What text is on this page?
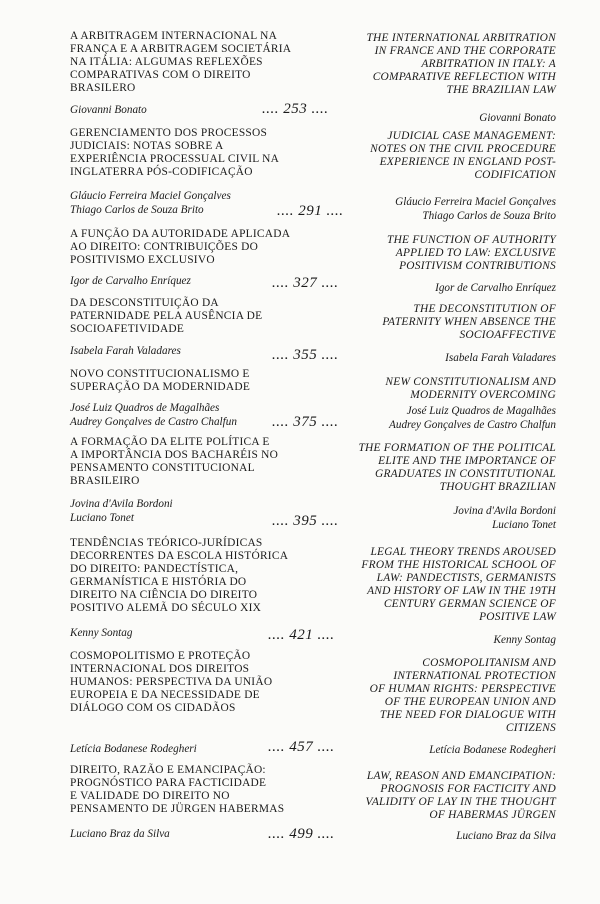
A ARBITRAGEM INTERNACIONAL NA
FRANÇA E A ARBITRAGEM SOCIETÁRIA
NA ITÁLIA: ALGUMAS REFLEXÕES
COMPARATIVAS COM O DIREITO
BRASILERO
Giovanni Bonato	.... 253 ....
THE INTERNATIONAL ARBITRATION
IN FRANCE AND THE CORPORATE
ARBITRATION IN ITALY: A
COMPARATIVE REFLECTION WITH
THE BRAZILIAN LAW
Giovanni Bonato
GERENCIAMENTO DOS PROCESSOS
JUDICIAIS: NOTAS SOBRE A
EXPERIÊNCIA PROCESSUAL CIVIL NA
INGLATERRA PÓS-CODIFICAÇÃO
Gláucio Ferreira Maciel Gonçalves
Thiago Carlos de Souza Brito	.... 291 ....
JUDICIAL CASE MANAGEMENT:
NOTES ON THE CIVIL PROCEDURE
EXPERIENCE IN ENGLAND POST-
CODIFICATION
Gláucio Ferreira Maciel Gonçalves
Thiago Carlos de Souza Brito
A FUNÇÃO DA AUTORIDADE APLICADA
AO DIREITO: CONTRIBUIÇÕES DO
POSITIVISMO EXCLUSIVO
Igor de Carvalho Enríquez	.... 327 ....
THE FUNCTION OF AUTHORITY
APPLIED TO LAW: EXCLUSIVE
POSITIVISM CONTRIBUTIONS
Igor de Carvalho Enríquez
DA DESCONSTITUIÇÃO DA
PATERNIDADE PELA AUSÊNCIA DE
SOCIOAFETIVIDADE
Isabela Farah Valadares	.... 355 ....
THE DECONSTITUTION OF
PATERNITY WHEN ABSENCE THE
SOCIOAFFECTIVE
Isabela Farah Valadares
NOVO CONSTITUCIONALISMO E
SUPERAÇÃO DA MODERNIDADE
José Luiz Quadros de Magalhães
Audrey Gonçalves de Castro Chalfun	.... 375 ....
NEW CONSTITUTIONALISM AND
MODERNITY OVERCOMING
José Luiz Quadros de Magalhães
Audrey Gonçalves de Castro Chalfun
A FORMAÇÃO DA ELITE POLÍTICA E
A IMPORTÂNCIA DOS BACHARÉIS NO
PENSAMENTO CONSTITUCIONAL
BRASILEIRO
Jovina d'Avila Bordoni
Luciano Tonet	.... 395 ....
THE FORMATION OF THE POLITICAL
ELITE AND THE IMPORTANCE OF
GRADUATES IN CONSTITUTIONAL
THOUGHT BRAZILIAN
Jovina d'Avila Bordoni
Luciano Tonet
TENDÊNCIAS TEÓRICO-JURÍDICAS
DECORRENTES DA ESCOLA HISTÓRICA
DO DIREITO: PANDECTÍSTICA,
GERMANÍSTICA E HISTÓRIA DO
DIREITO NA CIÊNCIA DO DIREITO
POSITIVO ALEMÃ DO SÉCULO XIX
Kenny Sontag	.... 421 ....
LEGAL THEORY TRENDS AROUSED
FROM THE HISTORICAL SCHOOL OF
LAW: PANDECTISTS, GERMANISTS
AND HISTORY OF LAW IN THE 19TH
CENTURY GERMAN SCIENCE OF
POSITIVE LAW
Kenny Sontag
COSMOPOLITISMO E PROTEÇÃO
INTERNACIONAL DOS DIREITOS
HUMANOS: PERSPECTIVA DA UNIÃO
EUROPEIA E DA NECESSIDADE DE
DIÁLOGO COM OS CIDADÃOS
Letícia Bodanese Rodegheri	.... 457 ....
COSMOPOLITANISM AND
INTERNATIONAL PROTECTION
OF HUMAN RIGHTS: PERSPECTIVE
OF THE EUROPEAN UNION AND
THE NEED FOR DIALOGUE WITH
CITIZENS
Letícia Bodanese Rodegheri
DIREITO, RAZÃO E EMANCIPAÇÃO:
PROGNÓSTICO PARA FACTICIDADE
E VALIDADE DO DIREITO NO
PENSAMENTO DE JÜRGEN HABERMAS
Luciano Braz da Silva	.... 499 ....
LAW, REASON AND EMANCIPATION:
PROGNOSIS FOR FACTICITY AND
VALIDITY OF LAY IN THE THOUGHT
OF HABERMAS JÜRGEN
Luciano Braz da Silva
